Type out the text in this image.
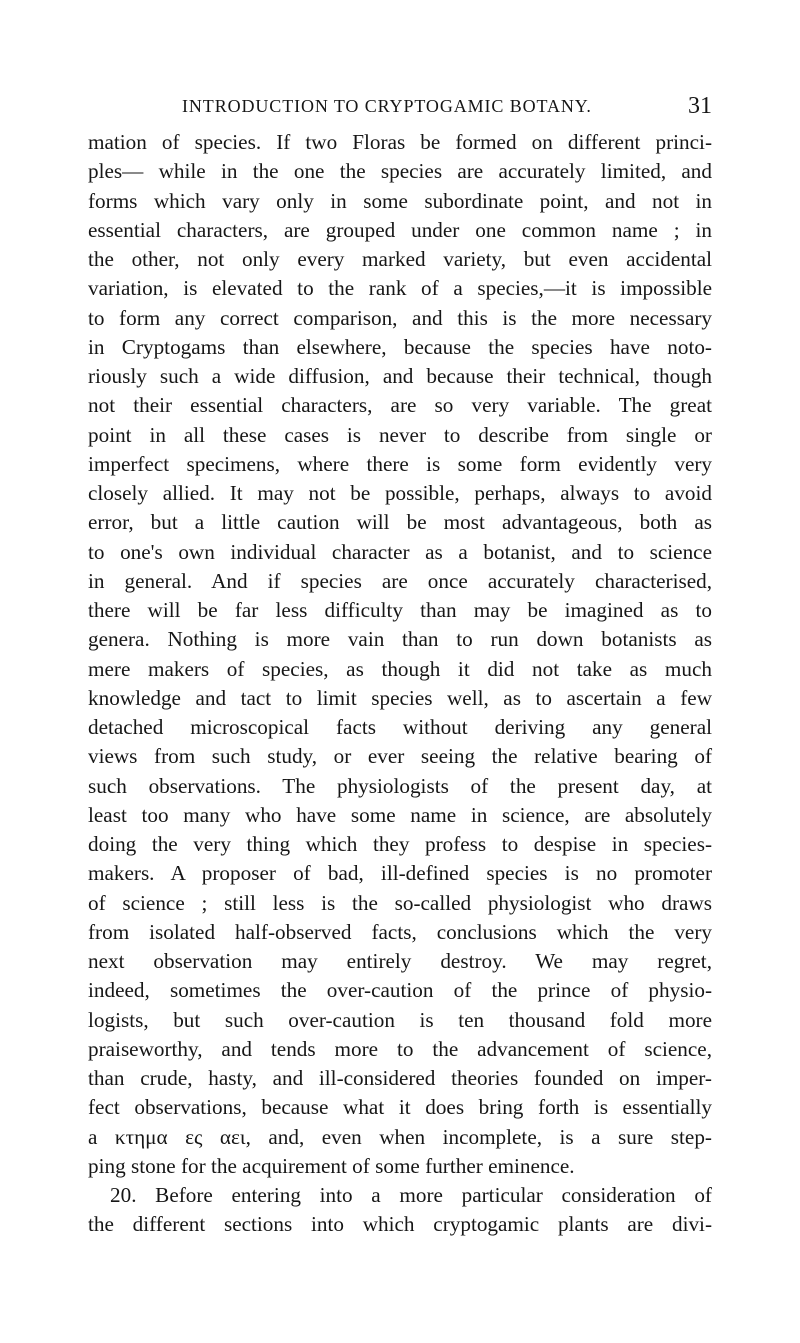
INTRODUCTION TO CRYPTOGAMIC BOTANY.	31
mation of species. If two Floras be formed on different princi-
ples— while in the one the species are accurately limited, and
forms which vary only in some subordinate point, and not in
essential characters, are grouped under one common name ; in
the other, not only every marked variety, but even accidental
variation, is elevated to the rank of a species,—it is impossible
to form any correct comparison, and this is the more necessary
in Cryptogams than elsewhere, because the species have noto-
riously such a wide diffusion, and because their technical, though
not their essential characters, are so very variable. The great
point in all these cases is never to describe from single or
imperfect specimens, where there is some form evidently very
closely allied. It may not be possible, perhaps, always to avoid
error, but a little caution will be most advantageous, both as
to one's own individual character as a botanist, and to science
in general. And if species are once accurately characterised,
there will be far less difficulty than may be imagined as to
genera. Nothing is more vain than to run down botanists as
mere makers of species, as though it did not take as much
knowledge and tact to limit species well, as to ascertain a few
detached microscopical facts without deriving any general
views from such study, or ever seeing the relative bearing of
such observations. The physiologists of the present day, at
least too many who have some name in science, are absolutely
doing the very thing which they profess to despise in species-
makers. A proposer of bad, ill-defined species is no promoter
of science ; still less is the so-called physiologist who draws
from isolated half-observed facts, conclusions which the very
next observation may entirely destroy. We may regret,
indeed, sometimes the over-caution of the prince of physio-
logists, but such over-caution is ten thousand fold more
praiseworthy, and tends more to the advancement of science,
than crude, hasty, and ill-considered theories founded on imper-
fect observations, because what it does bring forth is essentially
a κτημα ες αει, and, even when incomplete, is a sure step-
ping stone for the acquirement of some further eminence.
20. Before entering into a more particular consideration of
the different sections into which cryptogamic plants are divi-
